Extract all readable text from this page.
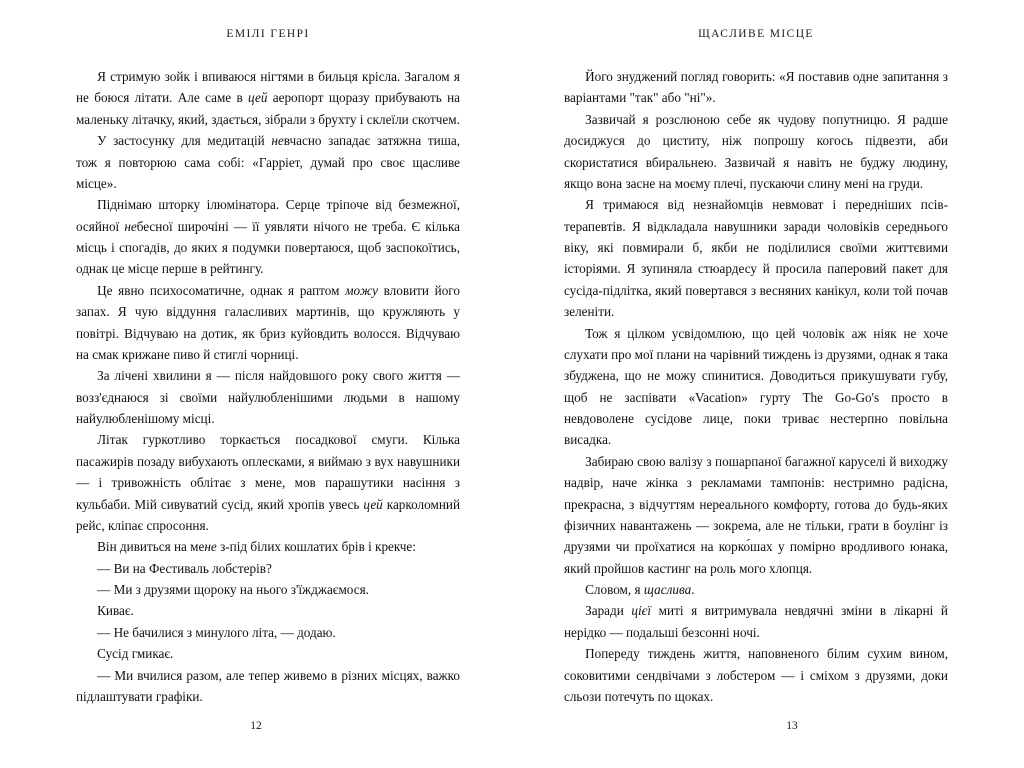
ЕМІЛІ ГЕНРІ

Я стримую зойк і впиваюся нігтями в бильця крісла. Загалом я не боюся літати. Але саме в цей аеропорт щоразу прибувають на маленьку літачку, який, здається, зібрали з брухту і склеїли скотчем.

У застосунку для медитацій невчасно западає затяжна тиша, тож я повторюю сама собі: «Гарріет, думай про своє щасливе місце».

Піднімаю шторку ілюмінатора. Серце тріпоче від безмежної, осяйної небесної широчіні — її уявляти нічого не треба. Є кілька місць і спогадів, до яких я подумки повертаюся, щоб заспокоїтись, однак це місце перше в рейтингу.

Це явно психосоматичне, однак я раптом можу вловити його запах. Я чую віддуння галасливих мартинів, що кружляють у повітрі. Відчуваю на дотик, як бриз куйовдить волосся. Відчуваю на смак крижане пиво й стиглі чорниці.

За лічені хвилини я — після найдовшого року свого життя — возз'єднаюся зі своїми найулюбленішими людьми в нашому найулюбленішому місці.

Літак гуркотливо торкається посадкової смуги. Кілька пасажирів позаду вибухають оплесками, я виймаю з вух навушники — і тривожність облітає з мене, мов парашутики насіння з кульбаби. Мій сивуватий сусід, який хропів увесь цей карколомний рейс, кліпає спросоння.

Він дивиться на мене з-під білих кошлатих брів і крекче:

— Ви на Фестиваль лобстерів?

— Ми з друзями щороку на нього з'їжджаємося.

Киває.

— Не бачилися з минулого літа, — додаю.

Сусід гмикає.

— Ми вчилися разом, але тепер живемо в різних місцях, важко підлаштувати графіки.

12
ЩАСЛИВЕ МІСЦЕ

Його знуджений погляд говорить: «Я поставив одне запитання з варіантами "так" або "ні"».

Зазвичай я розслюною себе як чудову попутницю. Я радше досиджуся до циститу, ніж попрошу когось підвезти, аби скористатися вбиральнею. Зазвичай я навіть не буджу людину, якщо вона засне на моєму плечі, пускаючи слину мені на груди.

Я тримаюся від незнайомців невмоват і передніших псів-терапевтів. Я відкладала навушники заради чоловіків середнього віку, які повмирали б, якби не поділилися своїми життєвими історіями. Я зупиняла стюардесу й просила паперовий пакет для сусіда-підлітка, який повертався з весняних канікул, коли той почав зеленіти.

Тож я цілком усвідомлюю, що цей чоловік аж ніяк не хоче слухати про мої плани на чарівний тиждень із друзями, однак я така збуджена, що не можу спинитися. Доводиться прикушувати губу, щоб не заспівати «Vacation» гурту The Go-Go's просто в невдоволене сусідове лице, поки триває нестерпно повільна висадка.

Забираю свою валізу з пошарпаної багажної каруселі й виходжу надвір, наче жінка з рекламами тампонів: нестримно радісна, прекрасна, з відчуттям нереального комфорту, готова до будь-яких фізичних навантажень — зокрема, але не тільки, грати в боулінг із друзями чи проїхатися на корко́шах у помірно вродливого юнака, який пройшов кастинг на роль мого хлопця.

Словом, я щаслива.

Заради цієї миті я витримувала невдячні зміни в лікарні й нерідко — подальші безсонні ночі.

Попереду тиждень життя, наповненого білим сухим вином, соковитими сендвічами з лобстером — і сміхом з друзями, доки сльози потечуть по щоках.

13
